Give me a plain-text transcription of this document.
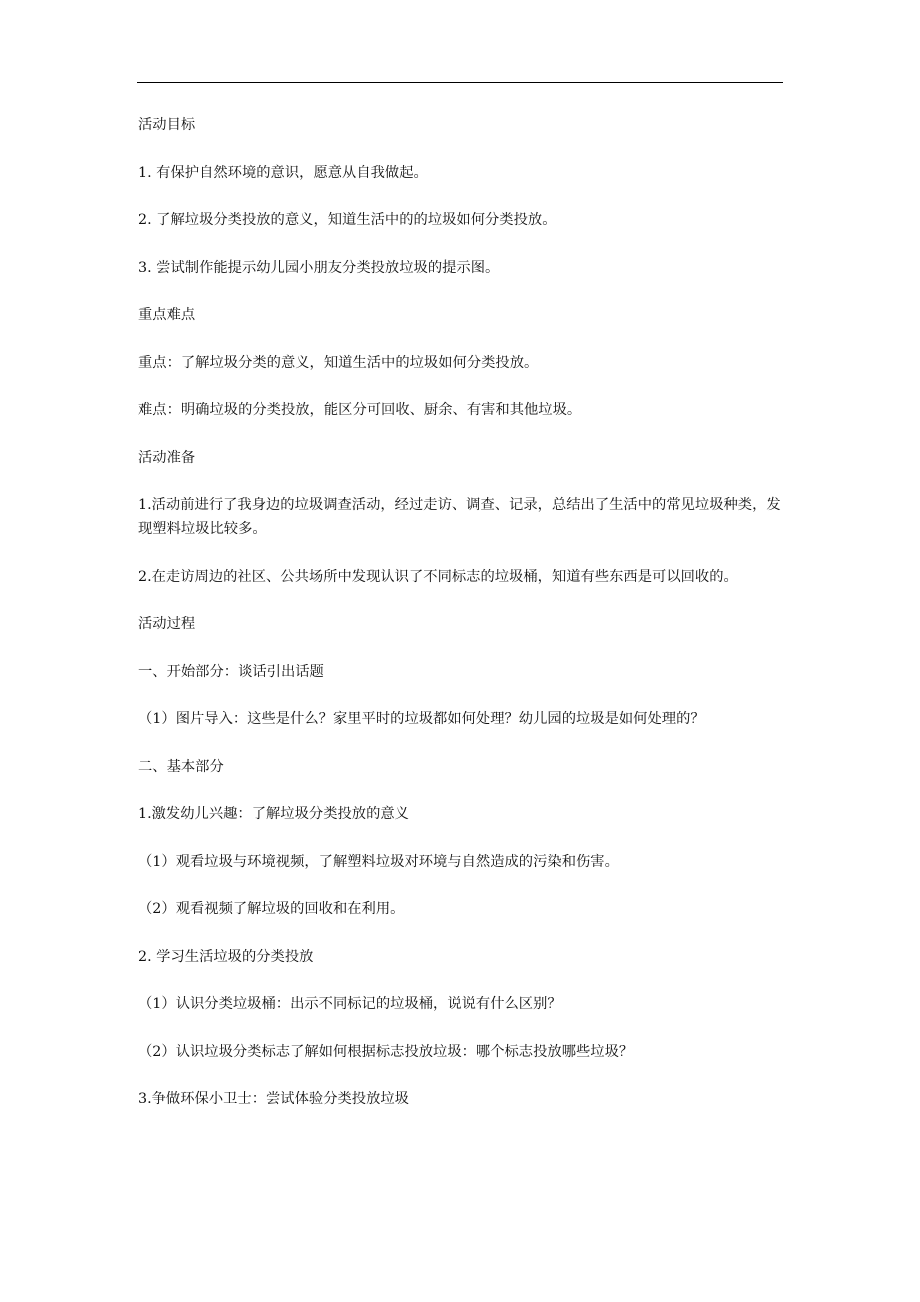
活动目标

1. 有保护自然环境的意识，愿意从自我做起。

2. 了解垃圾分类投放的意义，知道生活中的的垃圾如何分类投放。

3. 尝试制作能提示幼儿园小朋友分类投放垃圾的提示图。

重点难点

重点：了解垃圾分类的意义，知道生活中的垃圾如何分类投放。

难点：明确垃圾的分类投放，能区分可回收、厨余、有害和其他垃圾。

活动准备

1.活动前进行了我身边的垃圾调查活动，经过走访、调查、记录，总结出了生活中的常见垃圾种类，发现塑料垃圾比较多。

2.在走访周边的社区、公共场所中发现认识了不同标志的垃圾桶，知道有些东西是可以回收的。

活动过程

一、开始部分：谈话引出话题

（1）图片导入：这些是什么？家里平时的垃圾都如何处理？幼儿园的垃圾是如何处理的？

二、基本部分

1.激发幼儿兴趣：了解垃圾分类投放的意义

（1）观看垃圾与环境视频，了解塑料垃圾对环境与自然造成的污染和伤害。

（2）观看视频了解垃圾的回收和在利用。

2. 学习生活垃圾的分类投放

（1）认识分类垃圾桶：出示不同标记的垃圾桶，说说有什么区别？

（2）认识垃圾分类标志了解如何根据标志投放垃圾：哪个标志投放哪些垃圾？

3.争做环保小卫士：尝试体验分类投放垃圾
